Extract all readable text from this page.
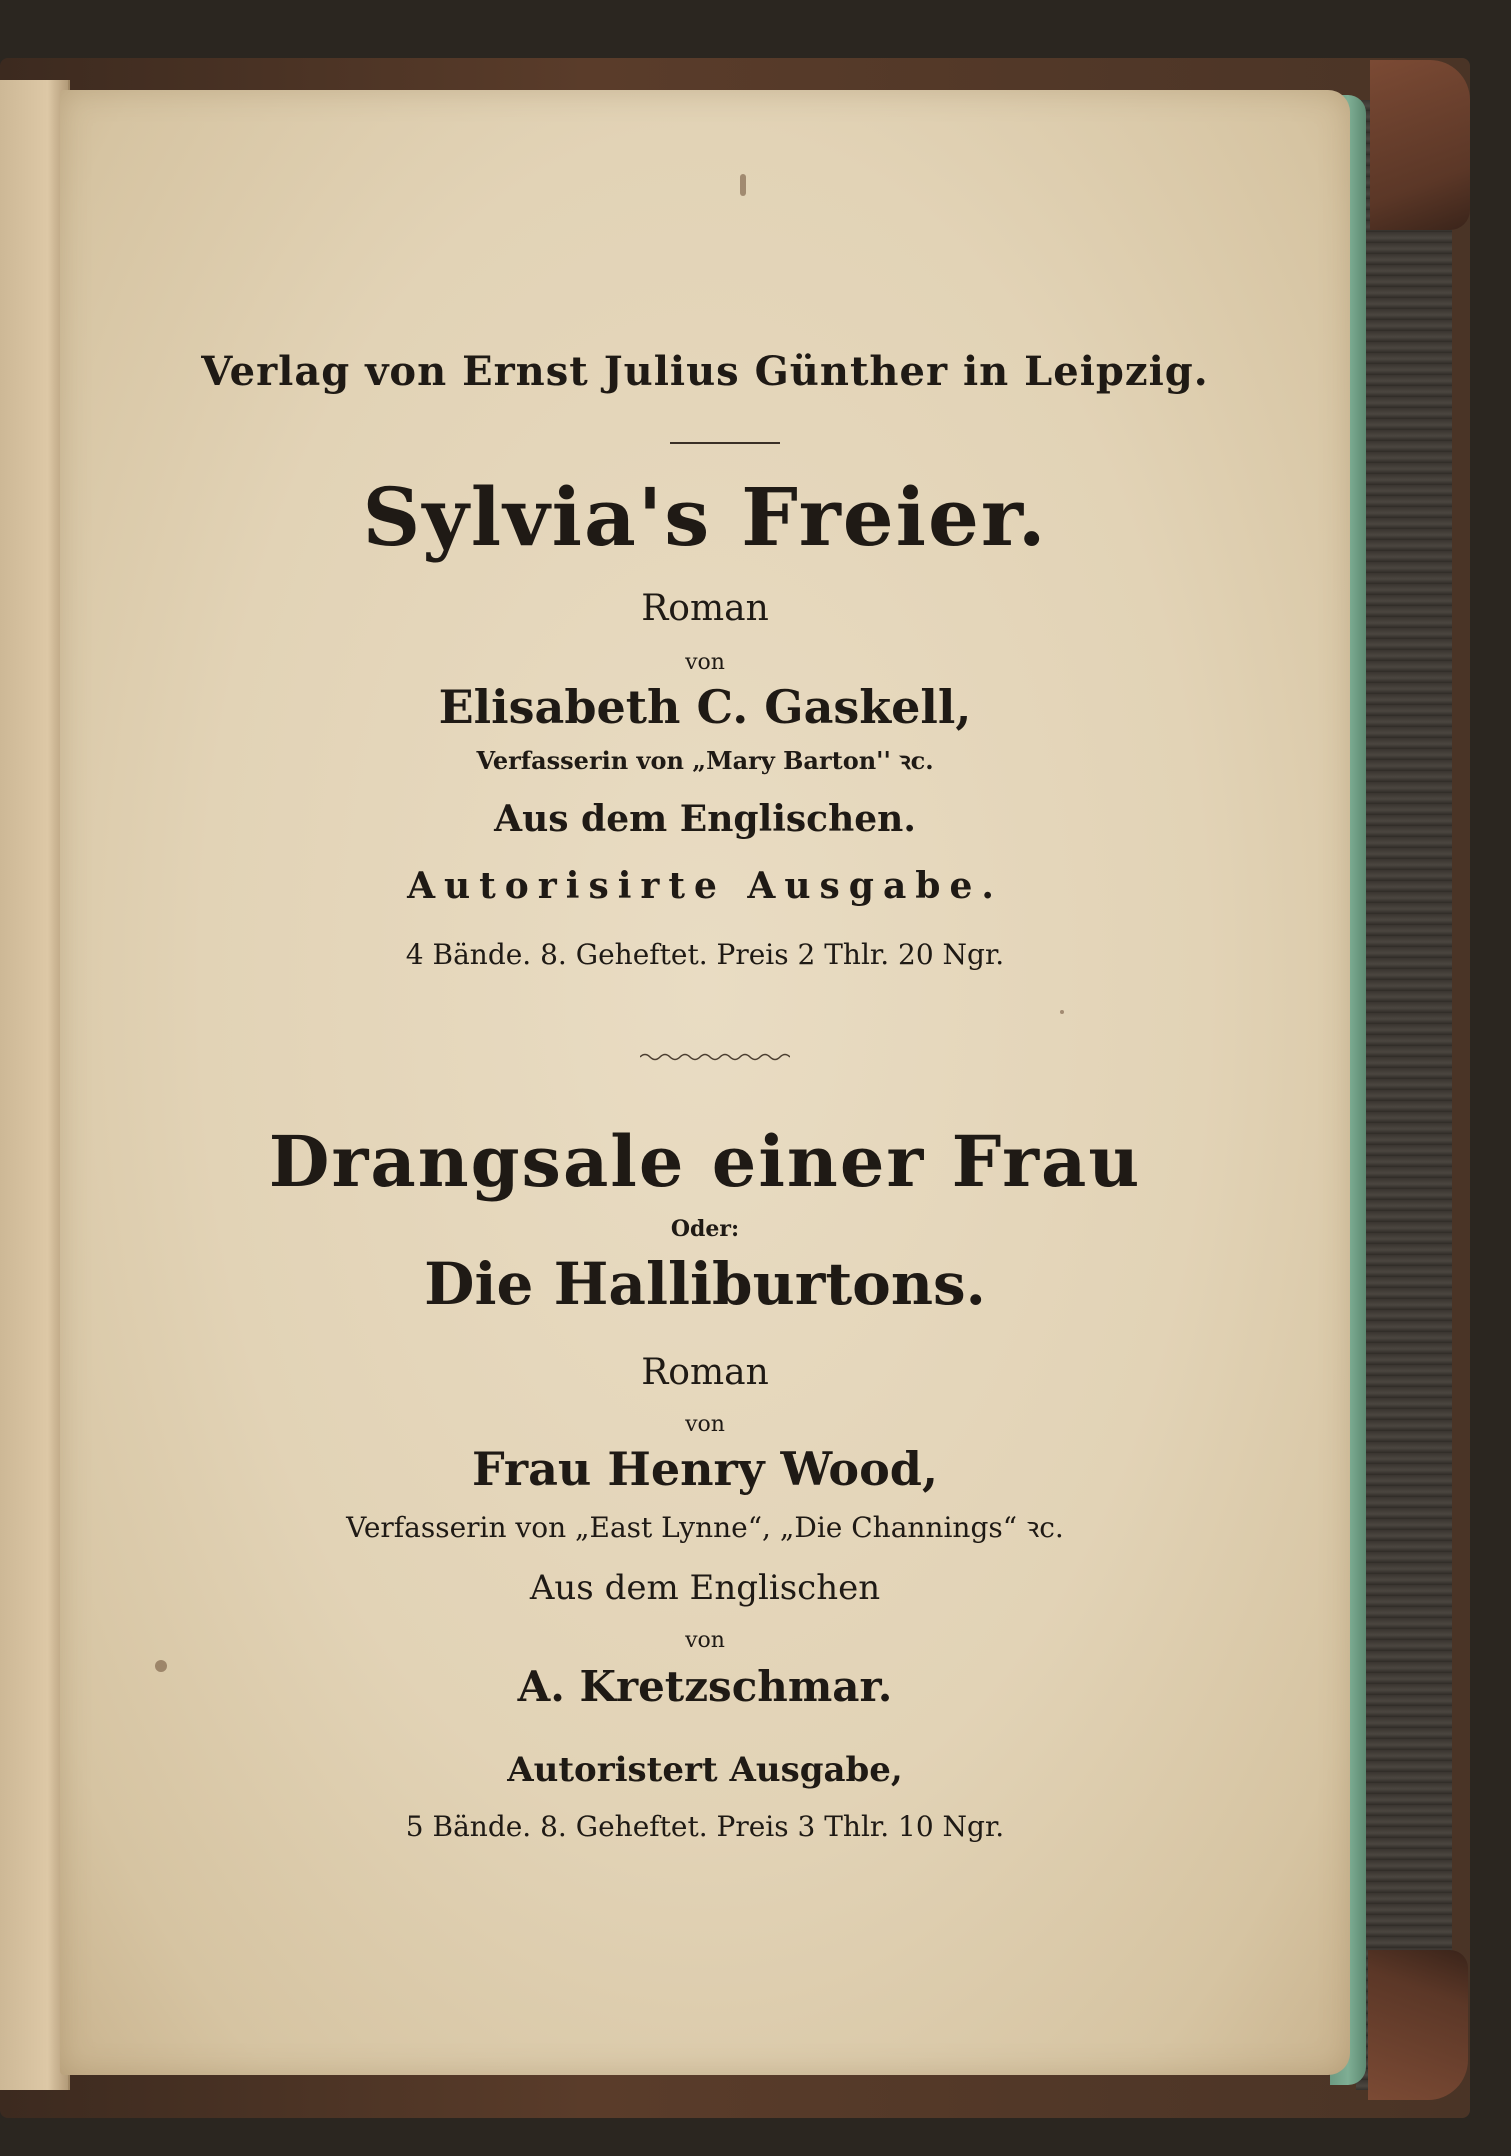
Verlag von Ernst Julius Günther in Leipzig.
Sylvia's Freier.
Roman
von
Elisabeth C. Gaskell,
Verfasserin von „Mary Barton'' ꝛc.
Aus dem Englischen.
Autorisirte Ausgabe.
4 Bände. 8. Geheftet. Preis 2 Thlr. 20 Ngr.
Drangsale einer Frau
Oder:
Die Halliburtons.
Roman
von
Frau Henry Wood,
Verfasserin von „East Lynne“, „Die Channings“ ꝛc.
Aus dem Englischen
von
A. Kretzschmar.
Autoristert Ausgabe,
5 Bände. 8. Geheftet. Preis 3 Thlr. 10 Ngr.
